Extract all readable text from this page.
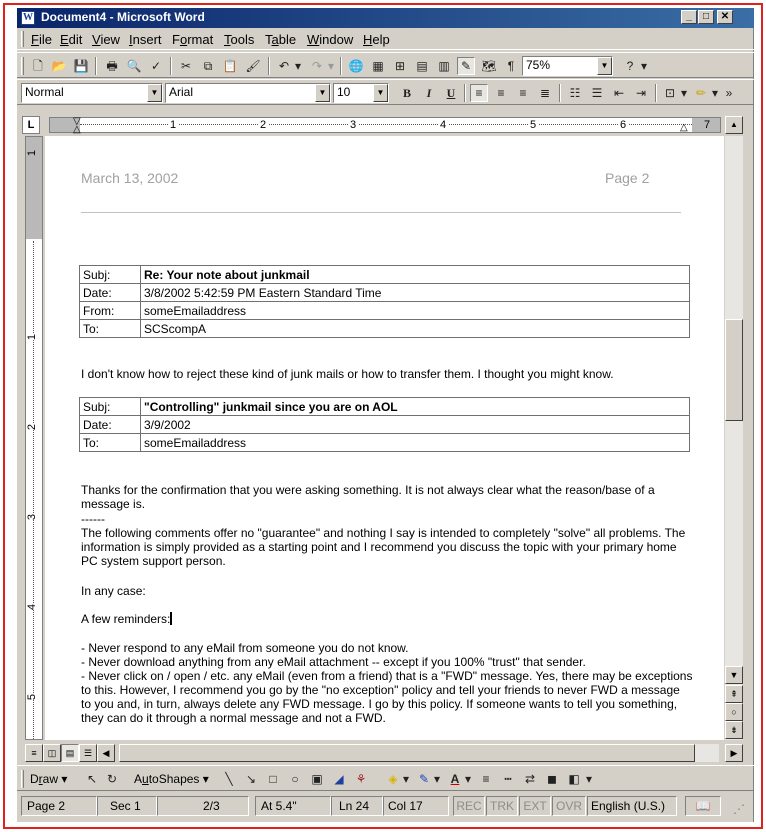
W Document4 - Microsoft Word	_	□	✕
File Edit View Insert Format Tools Table Window Help
🗋 📂 💾 🖶 🔍 ✓	✂	⧉ 📋 🖌	↶ ▾ ↷ ▾ 🌐 ▦ ⊞ ▤ ▥ ✎ 🗺 ¶ 75%	▼	? ▾
Normal	▼ Arial	▼ 10	▼	B	I	U	≡	≡	≡	≣	☷ ☰ ⇤ ⇥	⊡ ▾ ✏ ▾ »
L	1	2	3	4	5	6	7
▽
△	△	▲
1
1
2
3
4
5
March 13, 2002	Page 2
Subj:	Re: Your note about junkmail
Date:	3/8/2002 5:42:59 PM Eastern Standard Time
From:	someEmailaddress
To:	SCScompA
I don't know how to reject these kind of junk mails or how to transfer them. I thought you might know.
Subj:	"Controlling" junkmail since you are on AOL
Date:	3/9/2002
To:	someEmailaddress
Thanks for the confirmation that you were asking something. It is not always clear what the reason/base of a message is.
------
The following comments offer no "guarantee" and nothing I say is intended to completely "solve" all problems. The information is simply provided as a starting point and I recommend you discuss the topic with your primary home PC system support person.
In any case:
A few reminders:
- Never respond to any eMail from someone you do not know.
- Never download anything from any eMail attachment -- except if you 100% "trust" that sender.
- Never click on / open / etc. any eMail (even from a friend) that is a "FWD" message. Yes, there may be exceptions to this. However, I recommend you go by the "no exception" policy and tell your friends to never FWD a message to you and, in turn, always delete any FWD message. I go by this policy. If someone wants to tell you something, they can do it through a normal message and not a FWD.
▼
⇞
○
⇟
≡	◫	▤	☰	◀	▶
Draw ▾	↖ ↻	AutoShapes ▾	╲	↘	□	○	▣ ◢	⚘	◈ ▾ ✎ ▾ A ▾ ≡	┅	⇄ ◼ ◧ ▾
Page 2	Sec 1	2/3	At 5.4"	Ln 24	Col 17	REC TRK EXT OVR English (U.S.)	📖	⋰
